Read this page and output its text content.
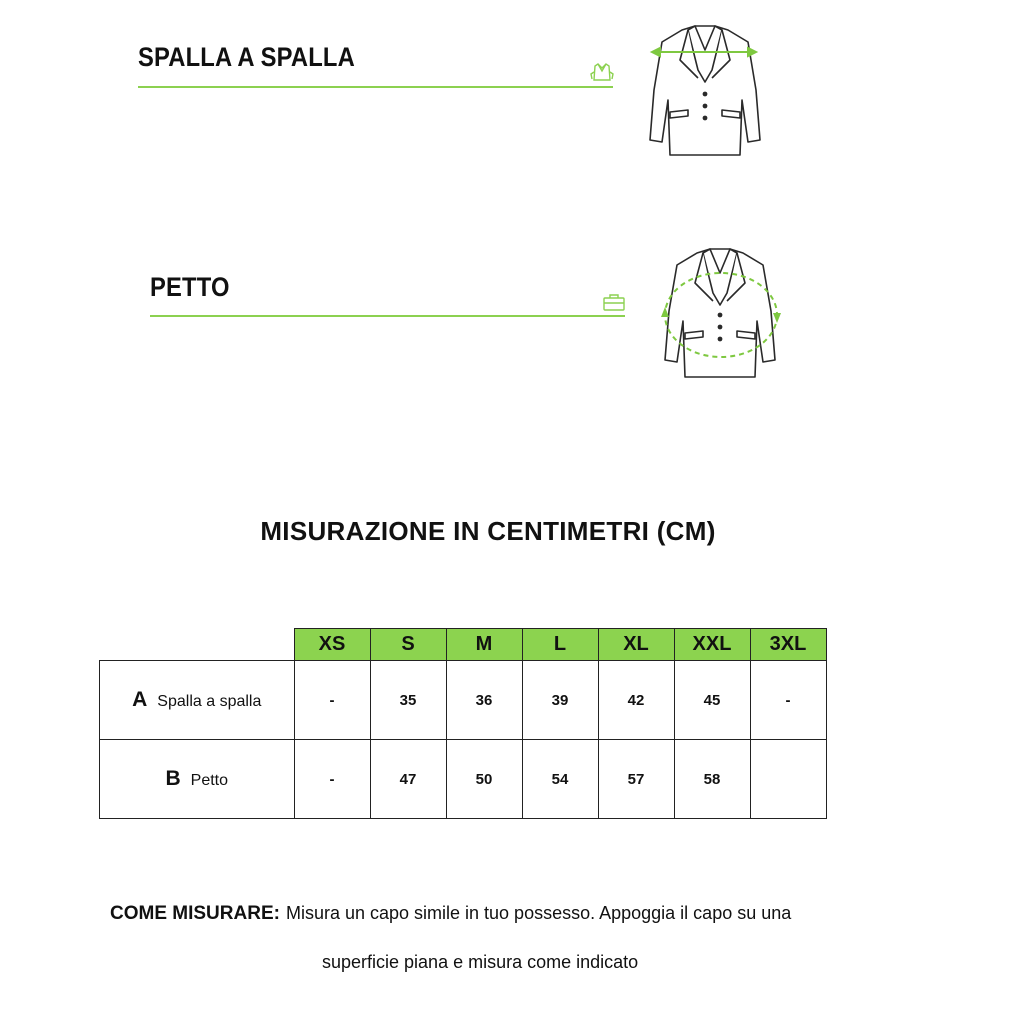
SPALLA A SPALLA
PETTO
MISURAZIONE IN CENTIMETRI (CM)
	XS	S	M	L	XL	XXL	3XL
A Spalla a spalla	-	35	36	39	42	45	-
B Petto	-	47	50	54	57	58	
COME MISURARE: Misura un capo simile in tuo possesso. Appoggia il capo su una
superficie piana e misura come indicato
